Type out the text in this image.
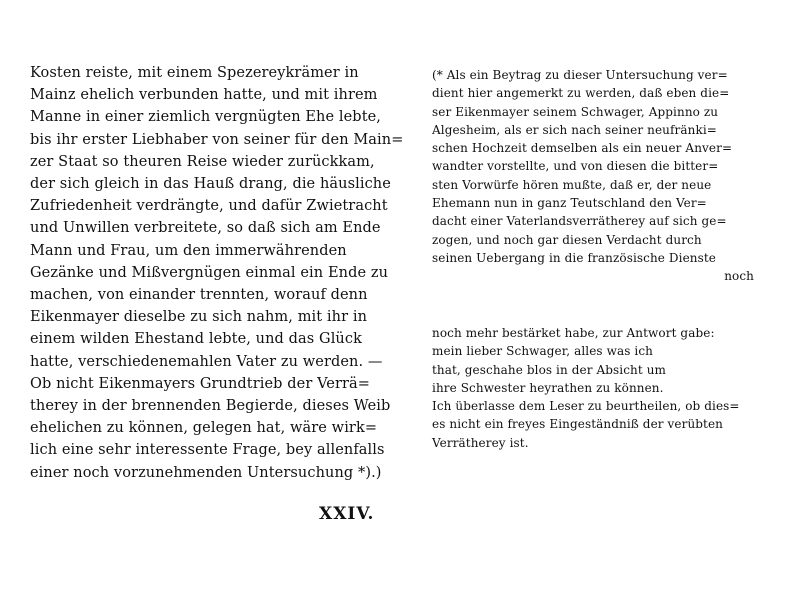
Kosten reiste, mit einem Spezereykrämer in
Mainz ehelich verbunden hatte, und mit ihrem
Manne in einer ziemlich vergnügten Ehe lebte,
bis ihr erster Liebhaber von seiner für den Main=
zer Staat so theuren Reise wieder zurückkam,
der sich gleich in das Hauß drang, die häusliche
Zufriedenheit verdrängte, und dafür Zwietracht
und Unwillen verbreitete, so daß sich am Ende
Mann und Frau, um den immerwährenden
Gezänke und Mißvergnügen einmal ein Ende zu
machen, von einander trennten, worauf denn
Eikenmayer dieselbe zu sich nahm, mit ihr in
einem wilden Ehestand lebte, und das Glück
hatte, verschiedenemahlen Vater zu werden. —
Ob nicht Eikenmayers Grundtrieb der Verrä=
therey in der brennenden Begierde, dieses Weib
ehelichen zu können, gelegen hat, wäre wirk=
lich eine sehr interessente Frage, bey allenfalls
einer noch vorzunehmenden Untersuchung *).)
XXIV.
(* Als ein Beytrag zu dieser Untersuchung ver=
dient hier angemerkt zu werden, daß eben die=
ser Eikenmayer seinem Schwager, Appinno zu
Algesheim, als er sich nach seiner neufränki=
schen Hochzeit demselben als ein neuer Anver=
wandter vorstellte, und von diesen die bitter=
sten Vorwürfe hören mußte, daß er, der neue
Ehemann nun in ganz Teutschland den Ver=
dacht einer Vaterlandsverrätherey auf sich ge=
zogen, und noch gar diesen Verdacht durch
seinen Uebergang in die französische Dienste
noch
noch mehr bestärket habe, zur Antwort gabe:
mein lieber Schwager, alles was ich
that, geschahe blos in der Absicht um
ihre Schwester heyrathen zu können.
Ich überlasse dem Leser zu beurtheilen, ob dies=
es nicht ein freyes Eingeständniß der verübten
Verrätherey ist.
